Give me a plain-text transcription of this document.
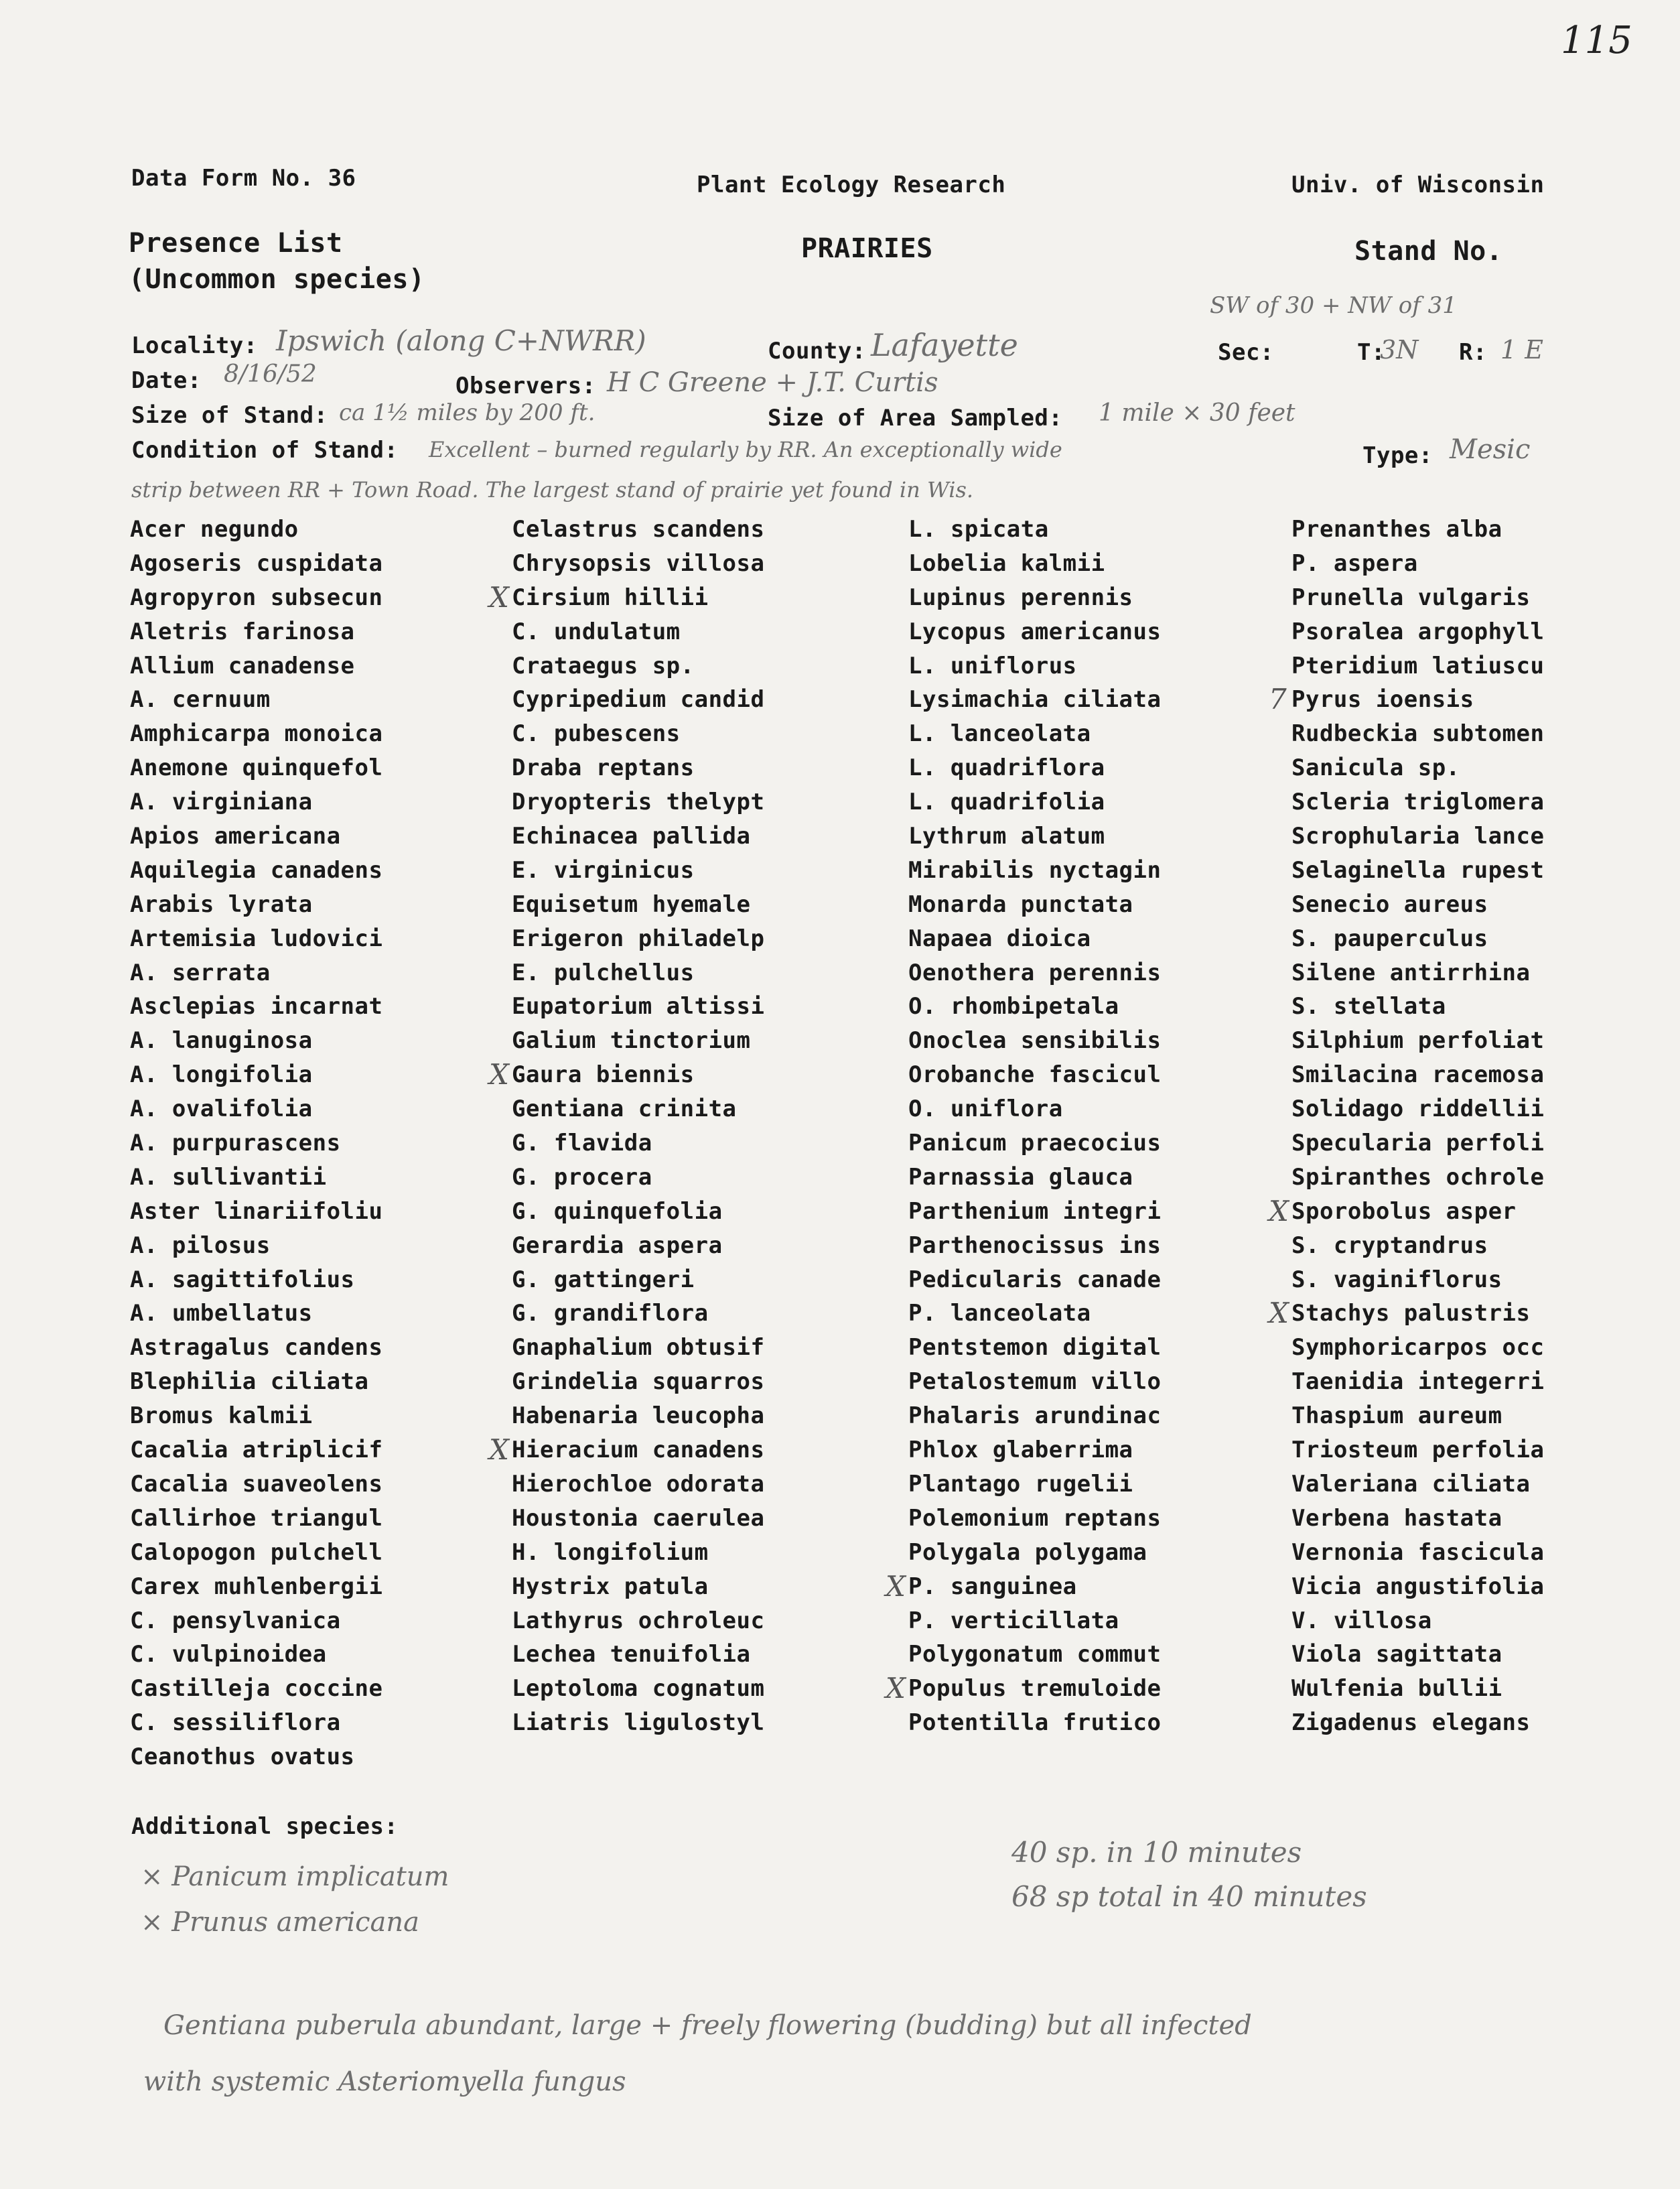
115
Data Form No. 36	Plant Ecology Research	Univ. of Wisconsin
Presence List
(Uncommon species)
PRAIRIES	Stand No.
SW of 30 + NW of 31
Locality: Ipswich (along C+NWRR)	County: Lafayette	Sec:	T:
3N R: 1 E
Date: 8/16/52	Observers: H C Greene + J.T. Curtis
Size of Stand: ca 1½ miles by 200 ft.	Size of Area Sampled: 1 mile × 30 feet
Condition of Stand: Excellent – burned regularly by RR. An exceptionally wide
strip between RR + Town Road. The largest stand of prairie yet found in Wis.
Type: Mesic
Acer negundo
Agoseris cuspidata
Agropyron subsecun
Aletris farinosa
Allium canadense
A. cernuum
Amphicarpa monoica
Anemone quinquefol
A. virginiana
Apios americana
Aquilegia canadens
Arabis lyrata
Artemisia ludovici
A. serrata
Asclepias incarnat
A. lanuginosa
A. longifolia
A. ovalifolia
A. purpurascens
A. sullivantii
Aster linariifoliu
A. pilosus
A. sagittifolius
A. umbellatus
Astragalus candens
Blephilia ciliata
Bromus kalmii
Cacalia atriplicif
Cacalia suaveolens
Callirhoe triangul
Calopogon pulchell
Carex muhlenbergii
C. pensylvanica
C. vulpinoidea
Castilleja coccine
C. sessiliflora
Ceanothus ovatus
Celastrus scandens
Chrysopsis villosa
X Cirsium hillii
C. undulatum
Crataegus sp.
Cypripedium candid
C. pubescens
Draba reptans
Dryopteris thelypt
Echinacea pallida
E. virginicus
Equisetum hyemale
Erigeron philadelp
E. pulchellus
Eupatorium altissi
Galium tinctorium
X Gaura biennis
Gentiana crinita
G. flavida
G. procera
G. quinquefolia
Gerardia aspera
G. gattingeri
G. grandiflora
Gnaphalium obtusif
Grindelia squarros
Habenaria leucopha
X Hieracium canadens
Hierochloe odorata
Houstonia caerulea
H. longifolium
Hystrix patula
Lathyrus ochroleuc
Lechea tenuifolia
Leptoloma cognatum
Liatris ligulostyl
L. spicata
Lobelia kalmii
Lupinus perennis
Lycopus americanus
L. uniflorus
Lysimachia ciliata
L. lanceolata
L. quadriflora
L. quadrifolia
Lythrum alatum
Mirabilis nyctagin
Monarda punctata
Napaea dioica
Oenothera perennis
O. rhombipetala
Onoclea sensibilis
Orobanche fascicul
O. uniflora
Panicum praecocius
Parnassia glauca
Parthenium integri
Parthenocissus ins
Pedicularis canade
P. lanceolata
Pentstemon digital
Petalostemum villo
Phalaris arundinac
Phlox glaberrima
Plantago rugelii
Polemonium reptans
Polygala polygama
X P. sanguinea
P. verticillata
Polygonatum commut
X Populus tremuloide
Potentilla frutico
Prenanthes alba
P. aspera
Prunella vulgaris
Psoralea argophyll
Pteridium latiuscu
7 Pyrus ioensis
Rudbeckia subtomen
Sanicula sp.
Scleria triglomera
Scrophularia lance
Selaginella rupest
Senecio aureus
S. pauperculus
Silene antirrhina
S. stellata
Silphium perfoliat
Smilacina racemosa
Solidago riddellii
Specularia perfoli
Spiranthes ochrole
X Sporobolus asper
S. cryptandrus
S. vaginiflorus
X Stachys palustris
Symphoricarpos occ
Taenidia integerri
Thaspium aureum
Triosteum perfolia
Valeriana ciliata
Verbena hastata
Vernonia fascicula
Vicia angustifolia
V. villosa
Viola sagittata
Wulfenia bullii
Zigadenus elegans
Additional species:
× Panicum implicatum
× Prunus americana
40 sp. in 10 minutes
68 sp total in 40 minutes
Gentiana puberula abundant, large + freely flowering (budding) but all infected
with systemic Asteriomyella fungus
